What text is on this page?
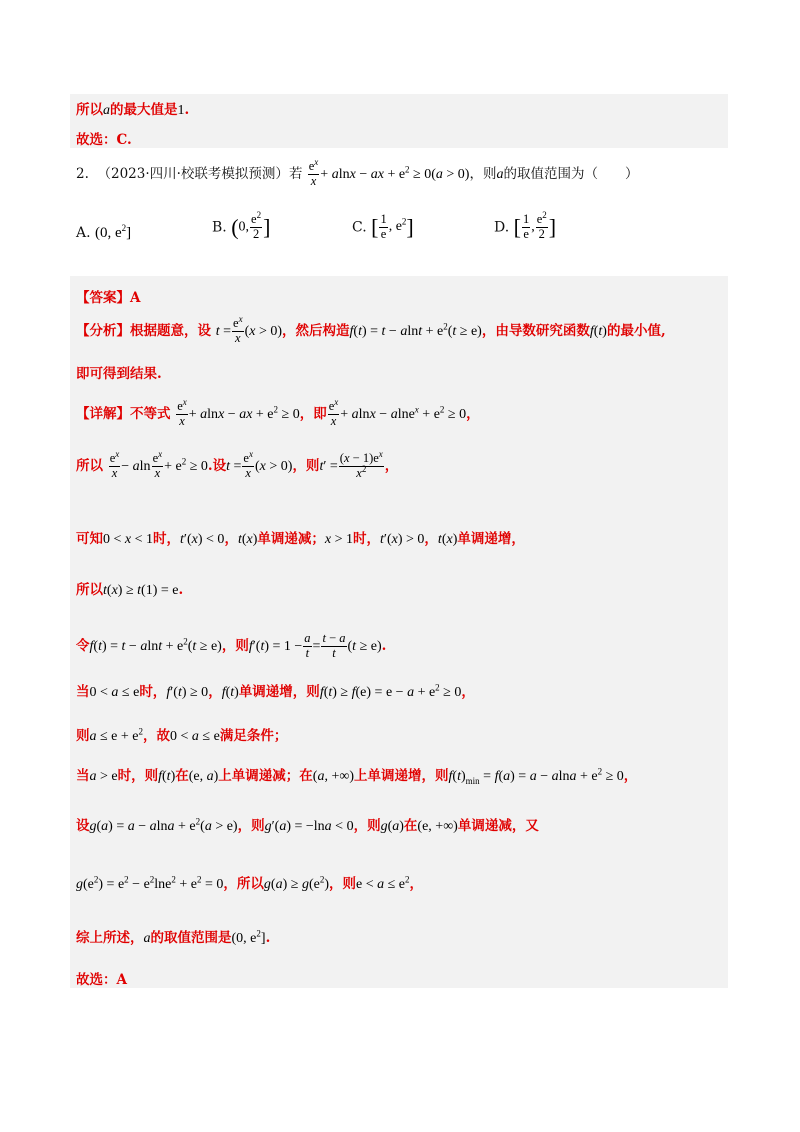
所以a的最大值是1.
故选：C.
2. （2023·四川·校联考模拟预测）若 $\frac{e^x}{x} + alnx$ − ax + $e^2 \ge 0(a > 0)$，则a的取值范围为（　　）
A. (0, $e^2$]	B. (0, $\frac{e^2}{2}$ ]	C. [ $\frac{1}{e}$ , $e^2$]	D. [ $\frac{1}{e}$ , $\frac{e^2}{2}$ ]
【答案】A
【分析】根据题意，设 $t = \frac{e^x}{x} (x > 0)$，然后构造$f(t) = t - alnt + e^2(t \ge e)$，由导数研究函数f(t)的最小值,
即可得到结果.
【详解】不等式 $\frac{e^x}{x} + alnx$ − ax + $e^2 \ge 0$，即 $\frac{e^x}{x} + alnx - alne^x + e^2 \ge 0$，
所以 $\frac{e^x}{x} - aln \frac{e^x}{x} + e^2 \ge 0$.设$t = \frac{e^x}{x} (x > 0)$，则$t' = \frac{(x - 1)e^x}{x^2}$ ，
可知0 < x < 1时，t′(x) < 0，t(x)单调递减；x > 1时，t′(x) > 0，t(x)单调递增，
所以t(x) ≥ t(1) = e.
令$f(t) = t - alnt + e^2(t \ge e)$，则$f'(t) = 1 - \frac{a}{t} = \frac{t - a}{t} (t \ge e)$.
当0 < a ≤ e时，f′(t) ≥ 0，f(t)单调递增，则$f(t) \ge f(e) = e - a + e^2 \ge 0$，
则$a \le e + e^2$，故0 < a ≤ e满足条件；
当a > e时，则f(t)在(e, a)上单调递减；在(a, +∞)上单调递增，则$f(t)_{min} = f(a) = a - alna + e^2 \ge 0$，
设$g(a) = a - alna + e^2(a > e)$，则g′(a) = −lna < 0，则g(a)在(e, +∞)单调递减，又
$g(e^2) = e^2 - e^2\ln e^2 + e^2 = 0$，所以$g(a) \ge g(e^2)$，则$e < a \le e^2$，
综上所述，a的取值范围是(0, $e^2$].
故选：A
